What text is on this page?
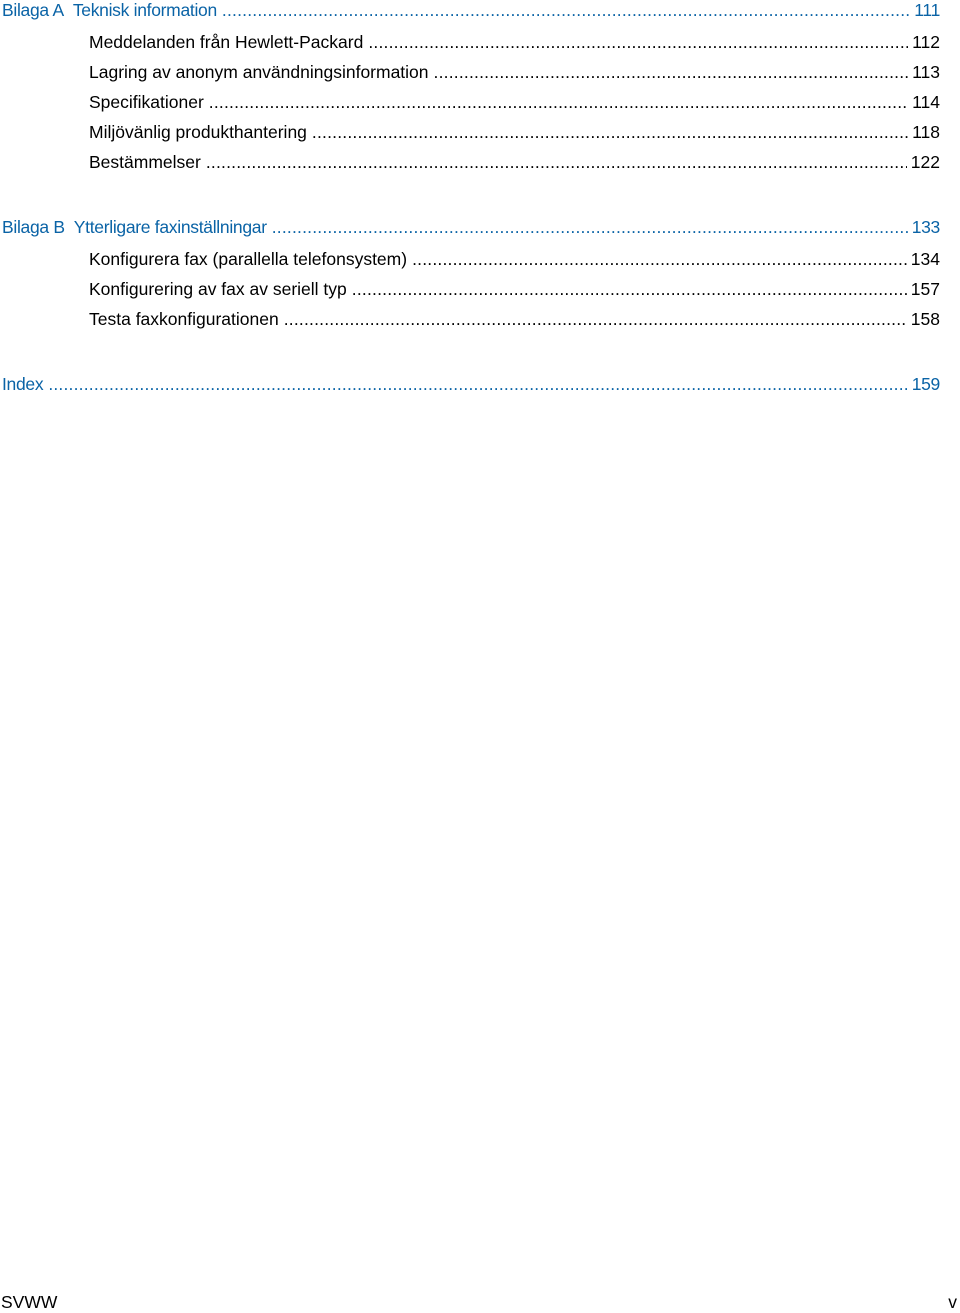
Bilaga A Teknisk information .....	111
Meddelanden från Hewlett-Packard .....	112
Lagring av anonym användningsinformation .....	113
Specifikationer .....	114
Miljövänlig produkthantering .....	118
Bestämmelser .....	122
Bilaga B Ytterligare faxinställningar .....	133
Konfigurera fax (parallella telefonsystem) .....	134
Konfigurering av fax av seriell typ .....	157
Testa faxkonfigurationen .....	158
Index .....	159
SVWW	v
